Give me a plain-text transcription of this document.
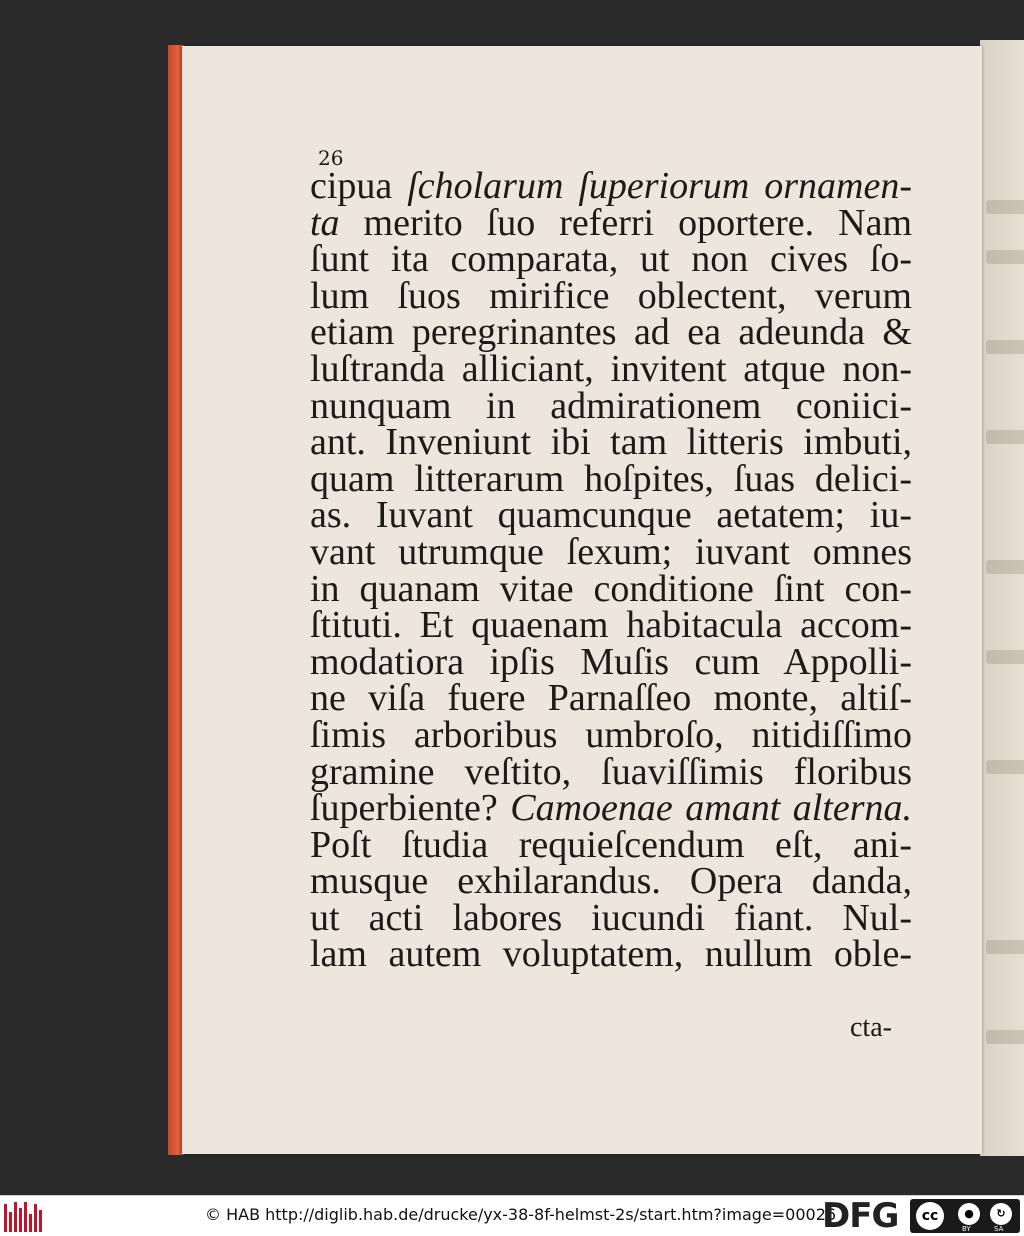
26
cipua ſcholarum ſuperiorum ornamen-
ta merito ſuo referri oportere. Nam
ſunt ita comparata, ut non cives ſo-
lum ſuos mirifice oblectent, verum
etiam peregrinantes ad ea adeunda &
luſtranda alliciant, invitent atque non-
nunquam in admirationem coniici-
ant. Inveniunt ibi tam litteris imbuti,
quam litterarum hoſpites, ſuas delici-
as. Iuvant quamcunque aetatem; iu-
vant utrumque ſexum; iuvant omnes
in quanam vitae conditione ſint con-
ſtituti. Et quaenam habitacula accom-
modatiora ipſis Muſis cum Appolli-
ne viſa fuere Parnaſſeo monte, altiſ-
ſimis arboribus umbroſo, nitidiſſimo
gramine veſtito, ſuaviſſimis floribus
ſuperbiente? Camoenae amant alterna.
Poſt ſtudia requieſcendum eſt, ani-
musque exhilarandus. Opera danda,
ut acti labores iucundi fiant. Nul-
lam autem voluptatem, nullum oble-
cta-
© HAB http://diglib.hab.de/drucke/yx-38-8f-helmst-2s/start.htm?image=00026
DFG	cc	●
BY
↻
SA
